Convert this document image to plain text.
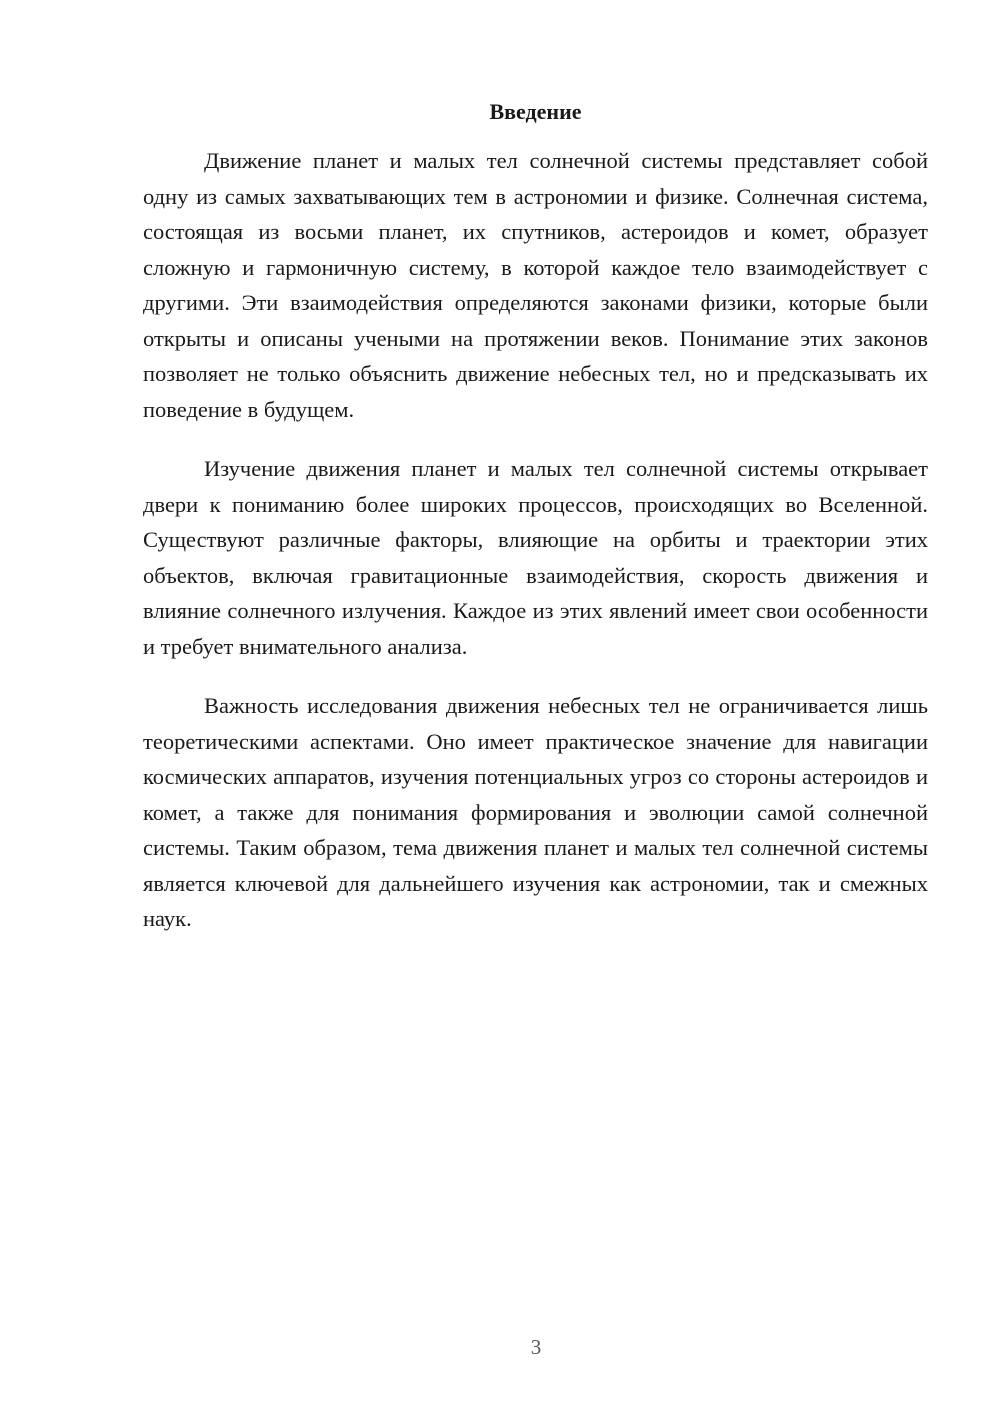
Введение

Движение планет и малых тел солнечной системы представляет собой одну из самых захватывающих тем в астрономии и физике. Солнечная система, состоящая из восьми планет, их спутников, астероидов и комет, образует сложную и гармоничную систему, в которой каждое тело взаимодействует с другими. Эти взаимодействия определяются законами физики, которые были открыты и описаны учеными на протяжении веков. Понимание этих законов позволяет не только объяснить движение небесных тел, но и предсказывать их поведение в будущем.

Изучение движения планет и малых тел солнечной системы открывает двери к пониманию более широких процессов, происходящих во Вселенной. Существуют различные факторы, влияющие на орбиты и траектории этих объектов, включая гравитационные взаимодействия, скорость движения и влияние солнечного излучения. Каждое из этих явлений имеет свои особенности и требует внимательного анализа.

Важность исследования движения небесных тел не ограничивается лишь теоретическими аспектами. Оно имеет практическое значение для навигации космических аппаратов, изучения потенциальных угроз со стороны астероидов и комет, а также для понимания формирования и эволюции самой солнечной системы. Таким образом, тема движения планет и малых тел солнечной системы является ключевой для дальнейшего изучения как астрономии, так и смежных наук.

3
